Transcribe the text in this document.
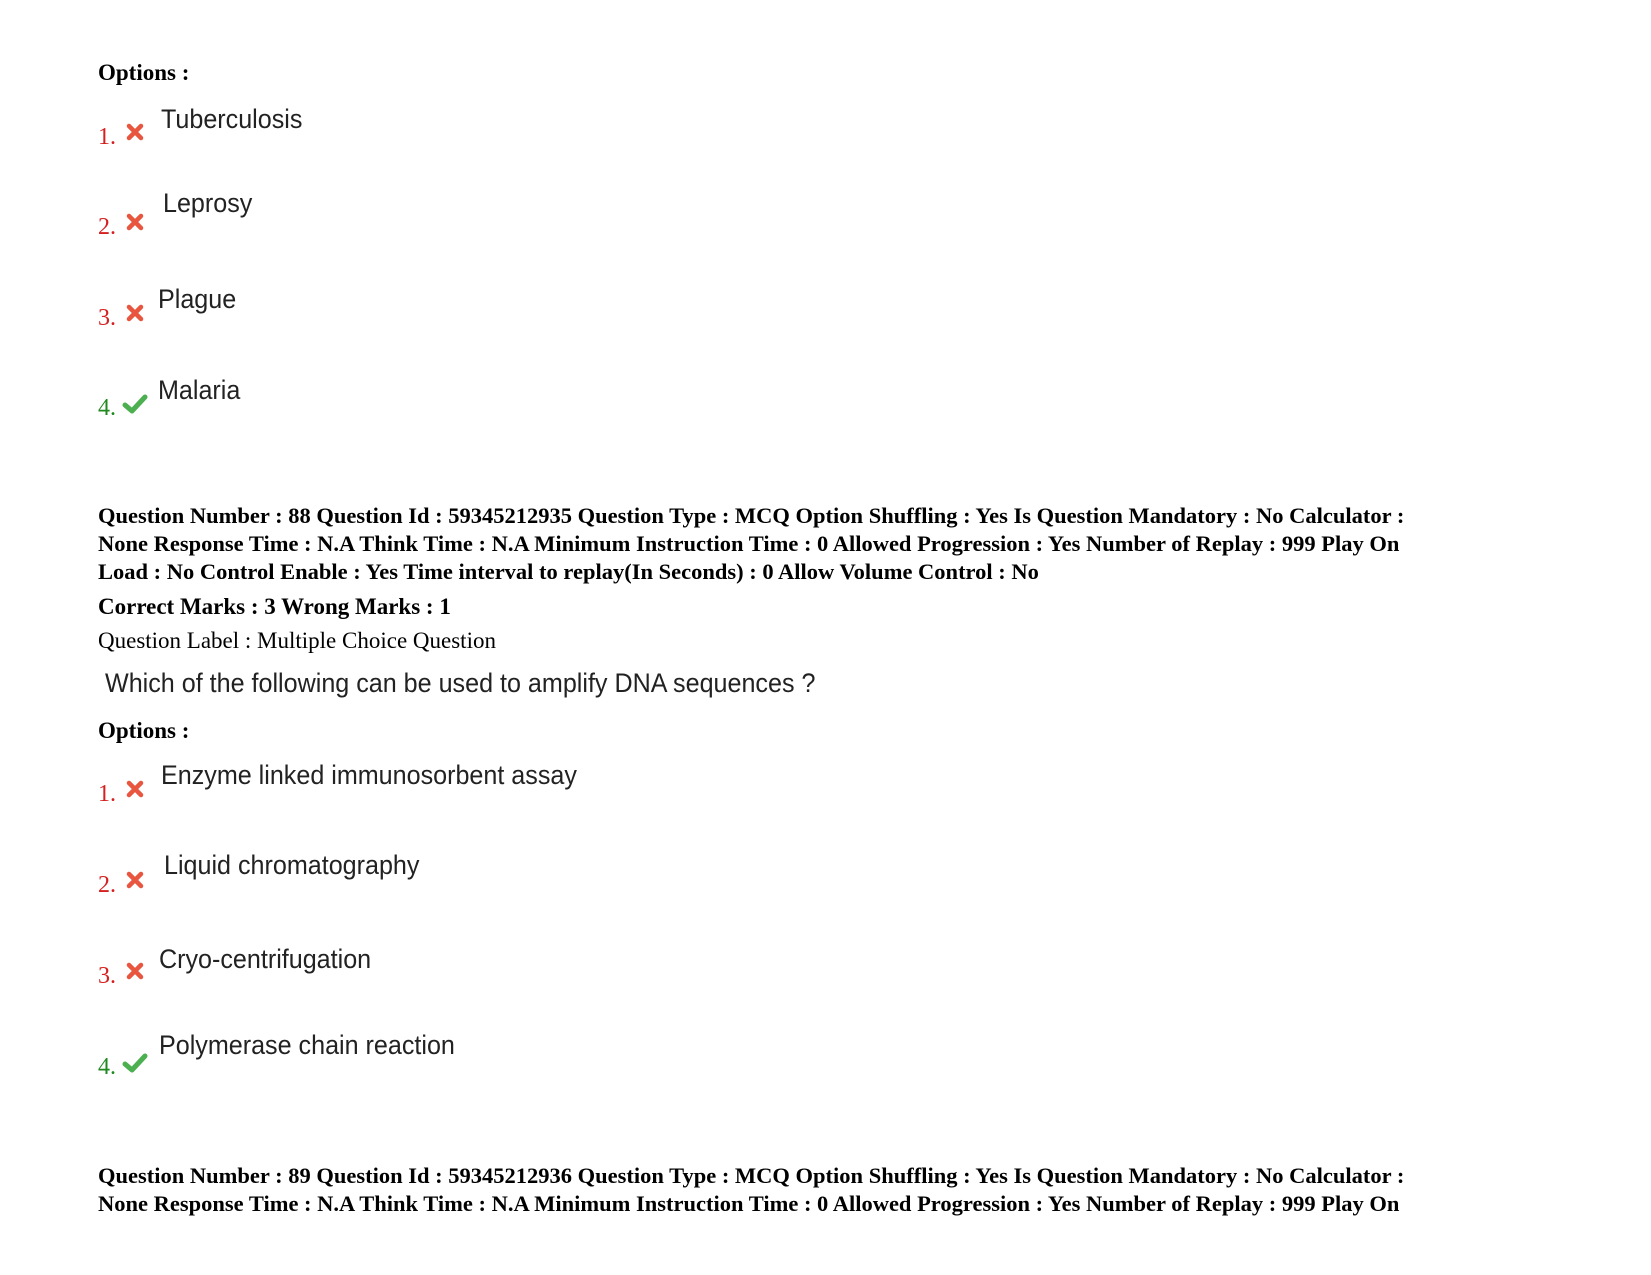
Options :
1.
Tuberculosis
2.
Leprosy
3.
Plague
4.
Malaria
Question Number : 88 Question Id : 59345212935 Question Type : MCQ Option Shuffling : Yes Is Question Mandatory : No Calculator :
None Response Time : N.A Think Time : N.A Minimum Instruction Time : 0 Allowed Progression : Yes Number of Replay : 999 Play On
Load : No Control Enable : Yes Time interval to replay(In Seconds) : 0 Allow Volume Control : No
Correct Marks : 3 Wrong Marks : 1
Question Label : Multiple Choice Question
Which of the following can be used to amplify DNA sequences ?
Options :
1.
Enzyme linked immunosorbent assay
2.
Liquid chromatography
3.
Cryo-centrifugation
4.
Polymerase chain reaction
Question Number : 89 Question Id : 59345212936 Question Type : MCQ Option Shuffling : Yes Is Question Mandatory : No Calculator :
None Response Time : N.A Think Time : N.A Minimum Instruction Time : 0 Allowed Progression : Yes Number of Replay : 999 Play On
